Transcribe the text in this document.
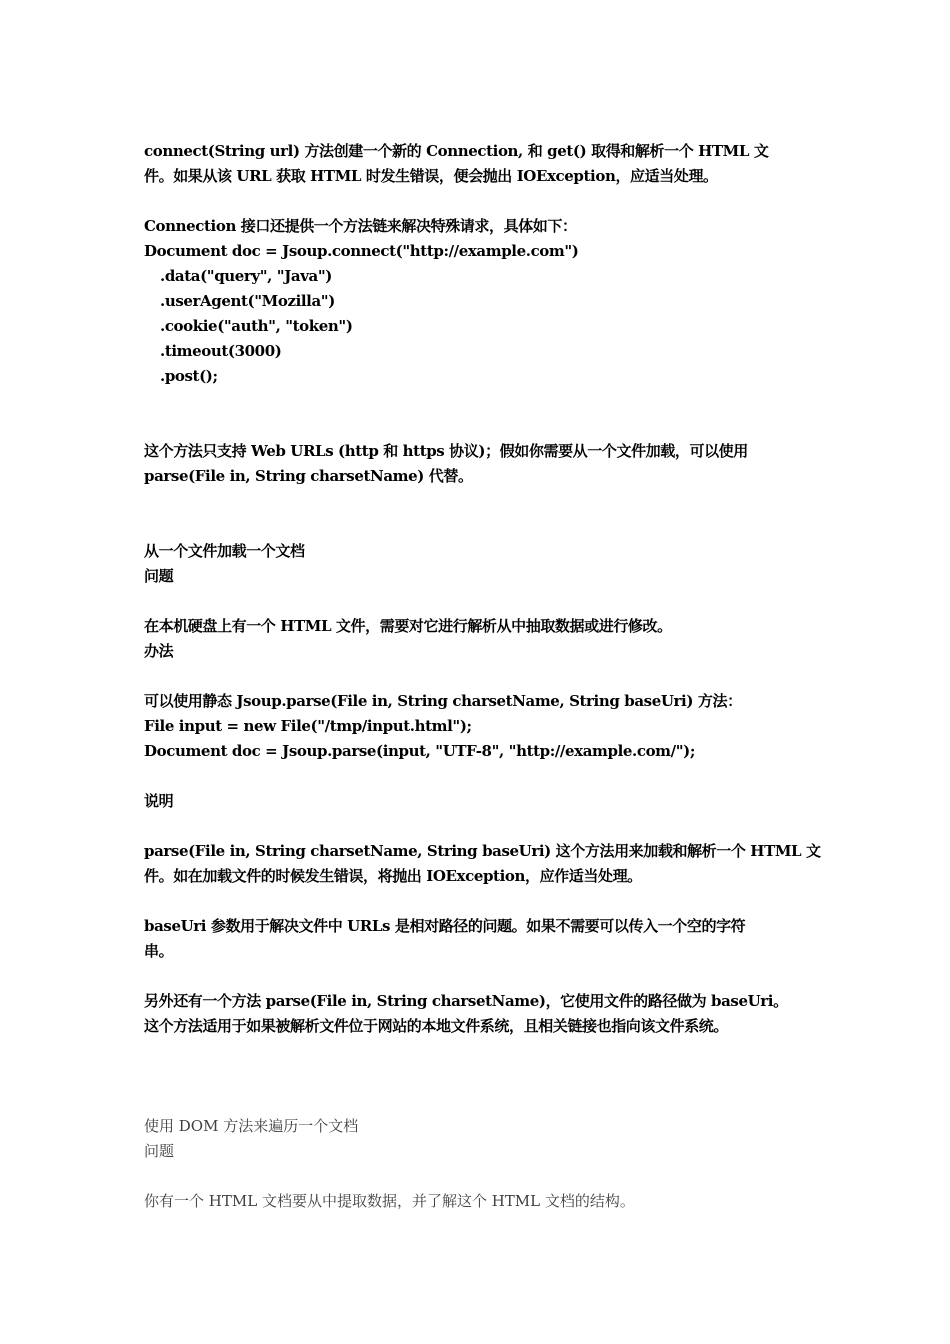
connect(String url) 方法创建一个新的 Connection, 和 get() 取得和解析一个 HTML 文
件。如果从该 URL 获取 HTML 时发生错误，便会抛出 IOException，应适当处理。

Connection 接口还提供一个方法链来解决特殊请求，具体如下：

Document doc = Jsoup.connect("http://example.com")
.data("query", "Java")
.userAgent("Mozilla")
.cookie("auth", "token")
.timeout(3000)
.post();

这个方法只支持 Web URLs (http 和 https 协议)；假如你需要从一个文件加载，可以使用
parse(File in, String charsetName) 代替。

从一个文件加载一个文档
问题

在本机硬盘上有一个 HTML 文件，需要对它进行解析从中抽取数据或进行修改。
办法

可以使用静态 Jsoup.parse(File in, String charsetName, String baseUri) 方法：
File input = new File("/tmp/input.html");
Document doc = Jsoup.parse(input, "UTF-8", "http://example.com/");

说明

parse(File in, String charsetName, String baseUri) 这个方法用来加载和解析一个 HTML 文
件。如在加载文件的时候发生错误，将抛出 IOException，应作适当处理。

baseUri 参数用于解决文件中 URLs 是相对路径的问题。如果不需要可以传入一个空的字符
串。

另外还有一个方法 parse(File in, String charsetName)，它使用文件的路径做为 baseUri。
这个方法适用于如果被解析文件位于网站的本地文件系统，且相关链接也指向该文件系统。

使用 DOM 方法来遍历一个文档
问题

你有一个 HTML 文档要从中提取数据，并了解这个 HTML 文档的结构。
